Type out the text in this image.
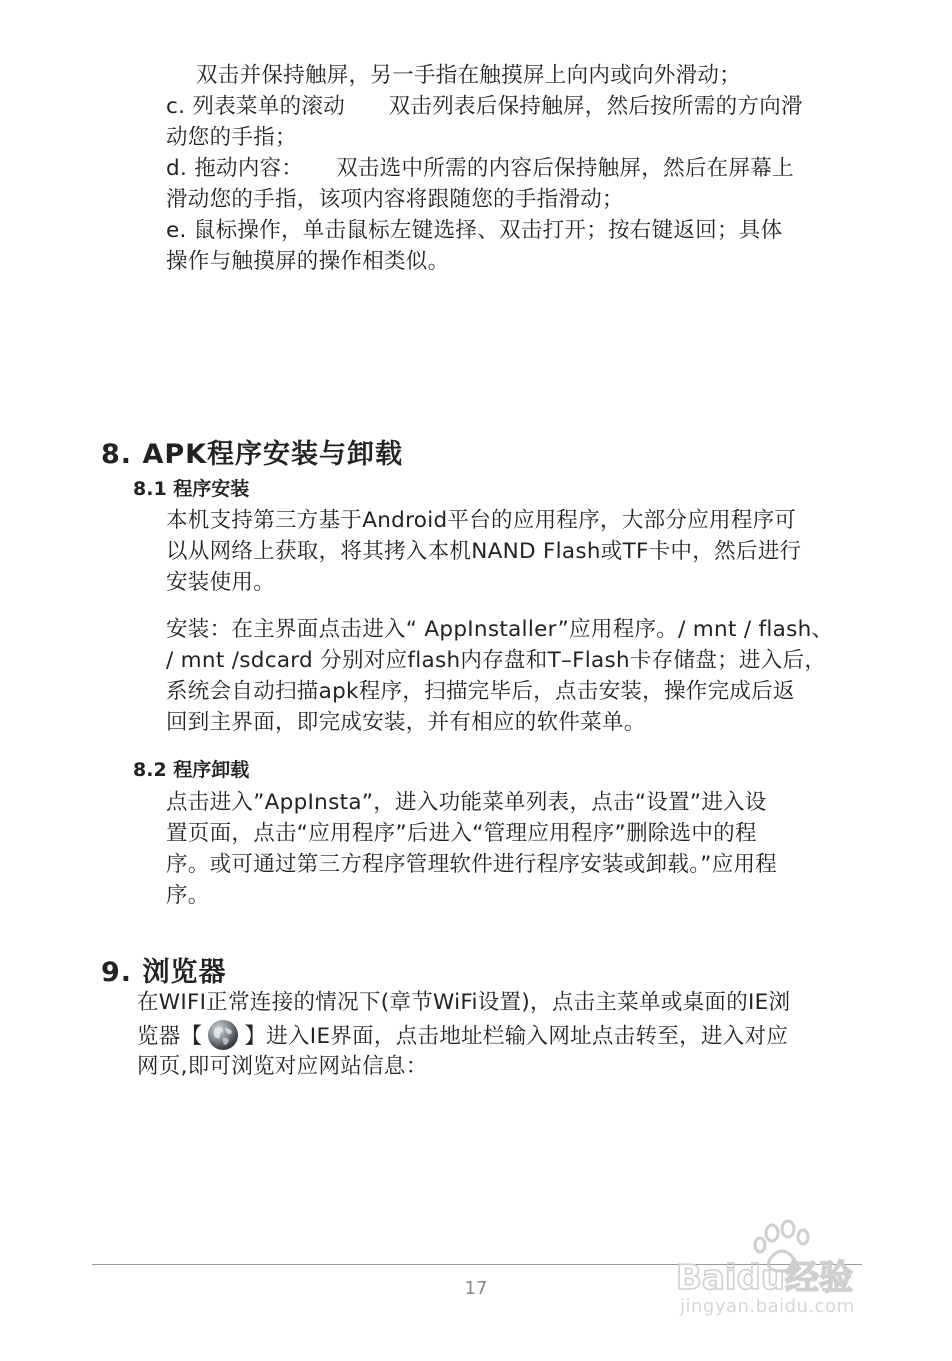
双击并保持触屏，另一手指在触摸屏上向内或向外滑动；

c. 列表菜单的滚动　　双击列表后保持触屏，然后按所需的方向滑

动您的手指；

d. 拖动内容：　　双击选中所需的内容后保持触屏，然后在屏幕上

滑动您的手指，该项内容将跟随您的手指滑动；

e. 鼠标操作，单击鼠标左键选择、双击打开；按右键返回；具体

操作与触摸屏的操作相类似。

8. APK程序安装与卸载
8.1 程序安装

本机支持第三方基于Android平台的应用程序，大部分应用程序可

以从网络上获取，将其拷入本机NAND Flash或TF卡中，然后进行

安装使用。

安装：在主界面点击进入“ AppInstaller”应用程序。/ mnt / flash、

/ mnt /sdcard 分别对应flash内存盘和T–Flash卡存储盘；进入后，

系统会自动扫描apk程序，扫描完毕后，点击安装，操作完成后返

回到主界面，即完成安装，并有相应的软件菜单。

8.2 程序卸载

点击进入”AppInsta”，进入功能菜单列表，点击“设置”进入设

置页面，点击“应用程序”后进入“管理应用程序”删除选中的程

序。或可通过第三方程序管理软件进行程序安装或卸载。”应用程

序。

9. 浏览器

在WIFI正常连接的情况下(章节WiFi设置)，点击主菜单或桌面的IE浏

览器【 】进入IE界面，点击地址栏输入网址点击转至，进入对应

网页,即可浏览对应网站信息：

17	Baidu经验
jingyan.baidu.com
